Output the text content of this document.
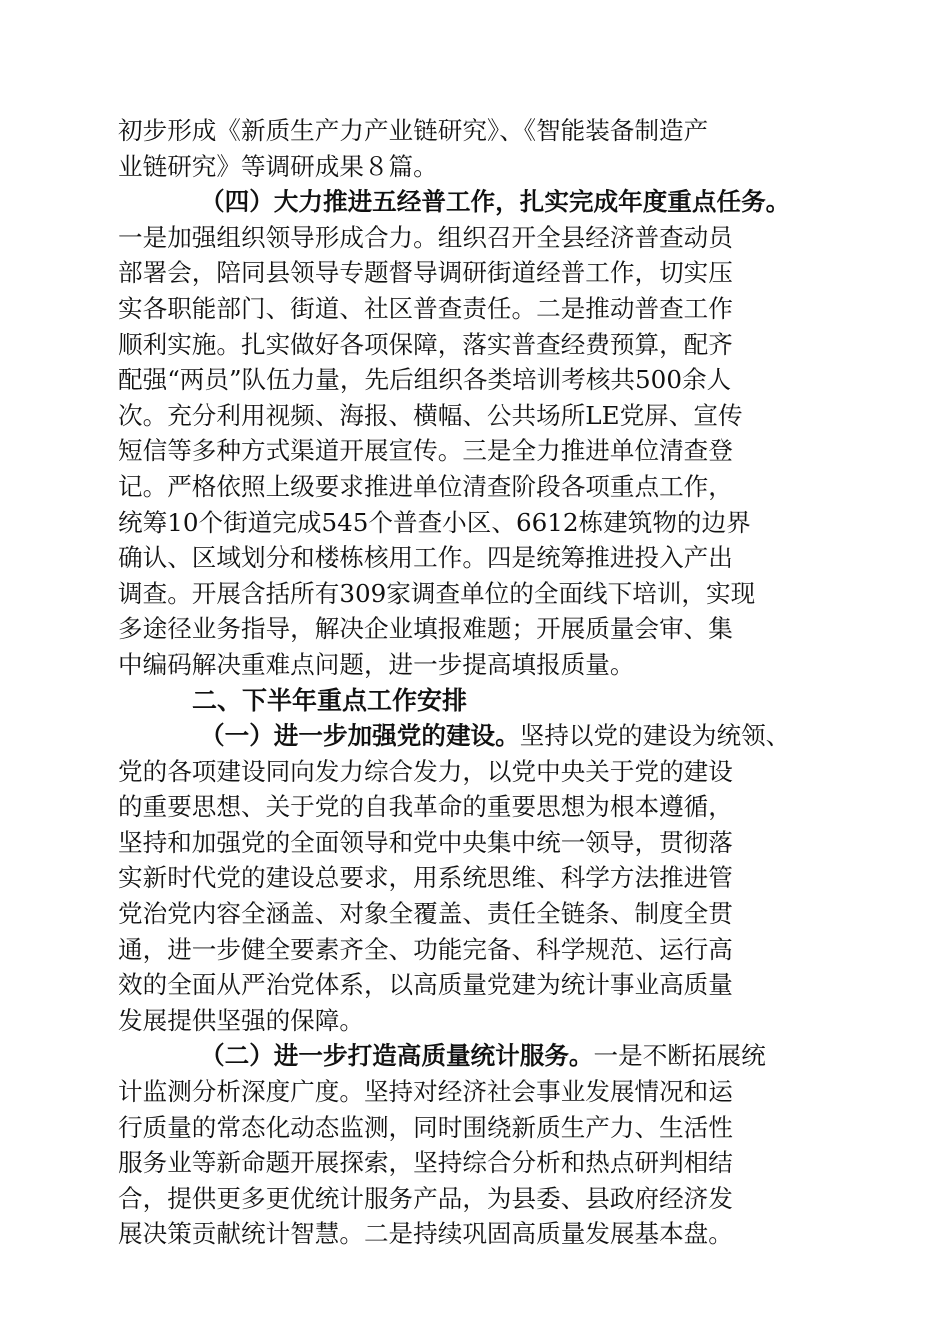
初步形成《新质生产力产业链研究》、《智能装备制造产
业链研究》等调研成果８篇。
（四）大力推进五经普工作，扎实完成年度重点任务。
一是加强组织领导形成合力。组织召开全县经济普查动员
部署会，陪同县领导专题督导调研街道经普工作，切实压
实各职能部门、街道、社区普查责任。二是推动普查工作
顺利实施。扎实做好各项保障，落实普查经费预算，配齐
配强“两员”队伍力量，先后组织各类培训考核共500余人
次。充分利用视频、海报、横幅、公共场所LE党屏、宣传
短信等多种方式渠道开展宣传。三是全力推进单位清查登
记。严格依照上级要求推进单位清查阶段各项重点工作，
统筹10个街道完成545个普查小区、6612栋建筑物的边界
确认、区域划分和楼栋核用工作。四是统筹推进投入产出
调查。开展含括所有309家调查单位的全面线下培训，实现
多途径业务指导，解决企业填报难题；开展质量会审、集
中编码解决重难点问题，进一步提高填报质量。
二、下半年重点工作安排
（一）进一步加强党的建设。坚持以党的建设为统领、
党的各项建设同向发力综合发力，以党中央关于党的建设
的重要思想、关于党的自我革命的重要思想为根本遵循，
坚持和加强党的全面领导和党中央集中统一领导，贯彻落
实新时代党的建设总要求，用系统思维、科学方法推进管
党治党内容全涵盖、对象全覆盖、责任全链条、制度全贯
通，进一步健全要素齐全、功能完备、科学规范、运行高
效的全面从严治党体系，以高质量党建为统计事业高质量
发展提供坚强的保障。
（二）进一步打造高质量统计服务。一是不断拓展统
计监测分析深度广度。坚持对经济社会事业发展情况和运
行质量的常态化动态监测，同时围绕新质生产力、生活性
服务业等新命题开展探索，坚持综合分析和热点研判相结
合，提供更多更优统计服务产品，为县委、县政府经济发
展决策贡献统计智慧。二是持续巩固高质量发展基本盘。
